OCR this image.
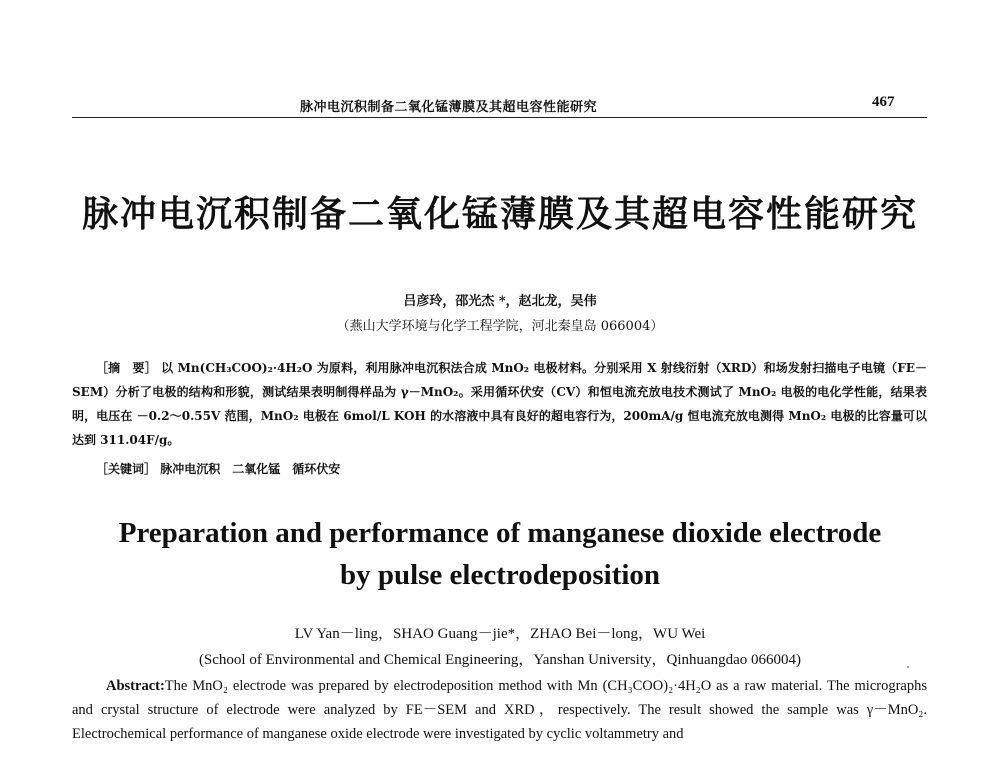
脉冲电沉积制备二氧化锰薄膜及其超电容性能研究	467
脉冲电沉积制备二氧化锰薄膜及其超电容性能研究
吕彦玲，邵光杰 *，赵北龙，吴伟
（燕山大学环境与化学工程学院，河北秦皇岛 066004）
［摘　要］ 以 Mn(CH₃COO)₂·4H₂O 为原料，利用脉冲电沉积法合成 MnO₂ 电极材料。分别采用 X 射线衍射（XRD）和场发射扫描电子电镜（FE－SEM）分析了电极的结构和形貌，测试结果表明制得样品为 γ－MnO₂。采用循环伏安（CV）和恒电流充放电技术测试了 MnO₂ 电极的电化学性能，结果表明，电压在 －0.2～0.55V 范围，MnO₂ 电极在 6mol/L KOH 的水溶液中具有良好的超电容行为，200mA/g 恒电流充放电测得 MnO₂ 电极的比容量可以达到 311.04F/g。
［关键词］ 脉冲电沉积　二氧化锰　循环伏安
Preparation and performance of manganese dioxide electrode
by pulse electrodeposition
LV Yan－ling，SHAO Guang－jie*，ZHAO Bei－long，WU Wei
(School of Environmental and Chemical Engineering，Yanshan University，Qinhuangdao 066004)
Abstract:The MnO₂ electrode was prepared by electrodeposition method with Mn (CH₃COO)₂·4H₂O as a raw material. The micrographs and crystal structure of electrode were analyzed by FE－SEM and XRD，respectively. The result showed the sample was γ－MnO₂. Electrochemical performance of manganese oxide electrode were investigated by cyclic voltammetry and
